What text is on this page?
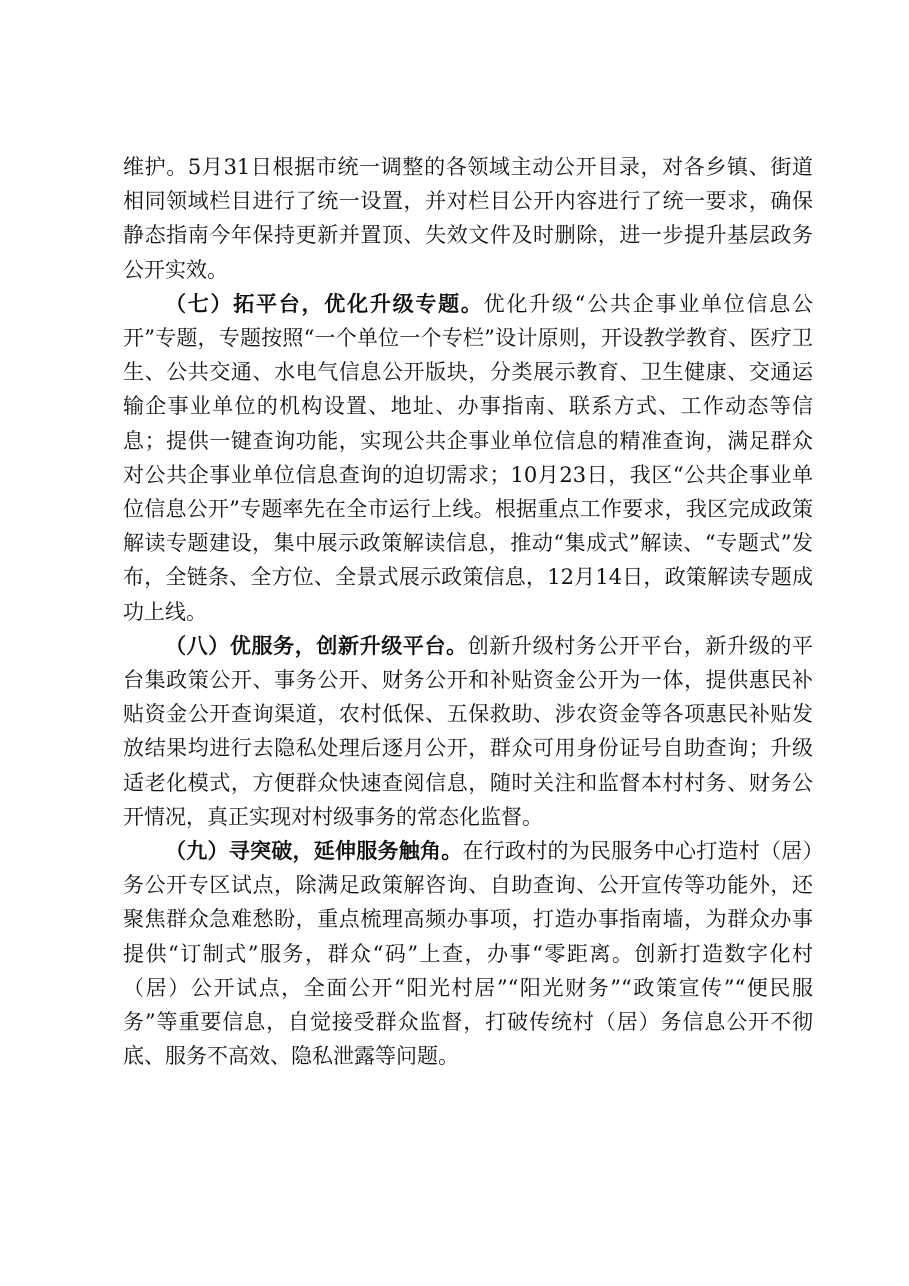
维护。5月31日根据市统一调整的各领域主动公开目录，对各乡镇、街道相同领域栏目进行了统一设置，并对栏目公开内容进行了统一要求，确保静态指南今年保持更新并置顶、失效文件及时删除，进一步提升基层政务公开实效。

（七）拓平台，优化升级专题。优化升级“公共企事业单位信息公开”专题，专题按照“一个单位一个专栏”设计原则，开设教学教育、医疗卫生、公共交通、水电气信息公开版块，分类展示教育、卫生健康、交通运输企事业单位的机构设置、地址、办事指南、联系方式、工作动态等信息；提供一键查询功能，实现公共企事业单位信息的精准查询，满足群众对公共企事业单位信息查询的迫切需求；10月23日，我区“公共企事业单位信息公开”专题率先在全市运行上线。根据重点工作要求，我区完成政策解读专题建设，集中展示政策解读信息，推动“集成式”解读、“专题式”发布，全链条、全方位、全景式展示政策信息，12月14日，政策解读专题成功上线。

（八）优服务，创新升级平台。创新升级村务公开平台，新升级的平台集政策公开、事务公开、财务公开和补贴资金公开为一体，提供惠民补贴资金公开查询渠道，农村低保、五保救助、涉农资金等各项惠民补贴发放结果均进行去隐私处理后逐月公开，群众可用身份证号自助查询；升级适老化模式，方便群众快速查阅信息，随时关注和监督本村村务、财务公开情况，真正实现对村级事务的常态化监督。

（九）寻突破，延伸服务触角。在行政村的为民服务中心打造村（居）务公开专区试点，除满足政策解咨询、自助查询、公开宣传等功能外，还聚焦群众急难愁盼，重点梳理高频办事项，打造办事指南墙，为群众办事提供“订制式”服务，群众“码”上查，办事“零距离。创新打造数字化村（居）公开试点，全面公开“阳光村居”“阳光财务”“政策宣传”“便民服务”等重要信息，自觉接受群众监督，打破传统村（居）务信息公开不彻底、服务不高效、隐私泄露等问题。
